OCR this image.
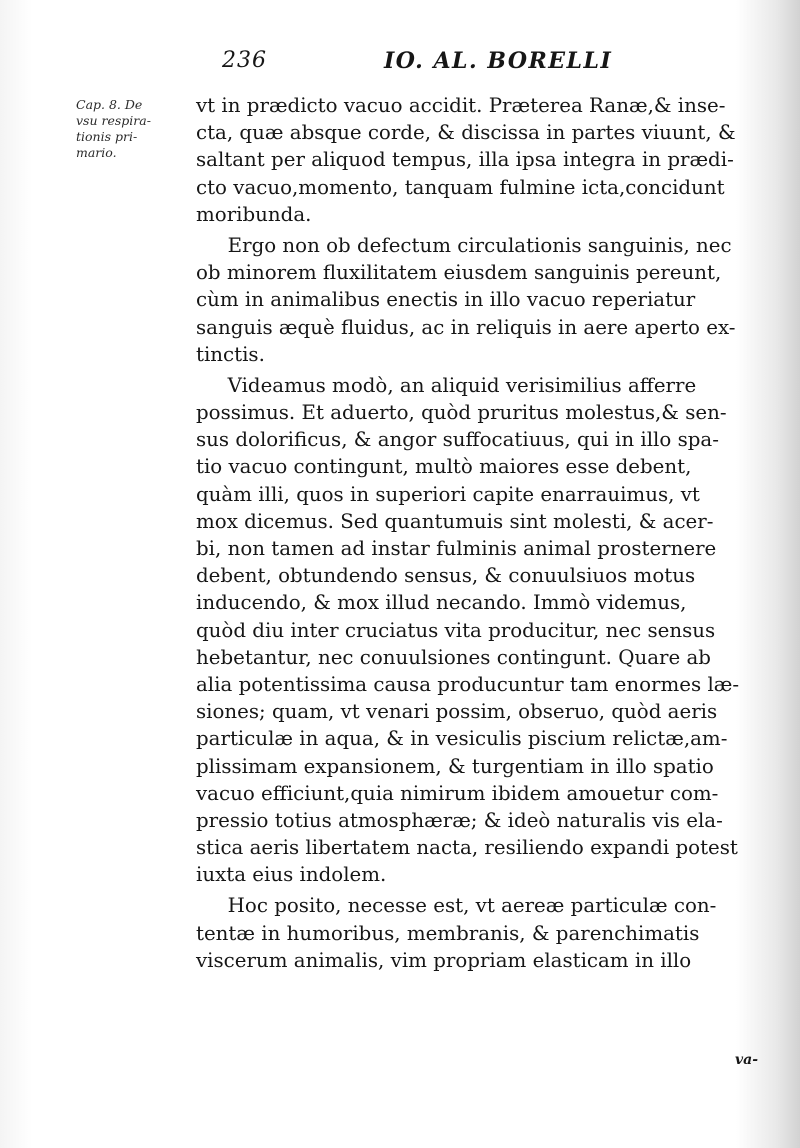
236	IO. AL. BORELLI
Cap. 8. De
vsu respira-
tionis pri-
mario.
vt in prædicto vacuo accidit. Præterea Ranæ,& inse-
cta, quæ absque corde, & discissa in partes viuunt, &
saltant per aliquod tempus, illa ipsa integra in prædi-
cto vacuo,momento, tanquam fulmine icta,concidunt
moribunda.
Ergo non ob defectum circulationis sanguinis, nec
ob minorem fluxilitatem eiusdem sanguinis pereunt,
cùm in animalibus enectis in illo vacuo reperiatur
sanguis æquè fluidus, ac in reliquis in aere aperto ex-
tinctis.
Videamus modò, an aliquid verisimilius afferre
possimus. Et aduerto, quòd pruritus molestus,& sen-
sus dolorificus, & angor suffocatiuus, qui in illo spa-
tio vacuo contingunt, multò maiores esse debent,
quàm illi, quos in superiori capite enarrauimus, vt
mox dicemus. Sed quantumuis sint molesti, & acer-
bi, non tamen ad instar fulminis animal prosternere
debent, obtundendo sensus, & conuulsiuos motus
inducendo, & mox illud necando. Immò videmus,
quòd diu inter cruciatus vita producitur, nec sensus
hebetantur, nec conuulsiones contingunt. Quare ab
alia potentissima causa producuntur tam enormes læ-
siones; quam, vt venari possim, obseruo, quòd aeris
particulæ in aqua, & in vesiculis piscium relictæ,am-
plissimam expansionem, & turgentiam in illo spatio
vacuo efficiunt,quia nimirum ibidem amouetur com-
pressio totius atmosphæræ; & ideò naturalis vis ela-
stica aeris libertatem nacta, resiliendo expandi potest
iuxta eius indolem.
Hoc posito, necesse est, vt aereæ particulæ con-
tentæ in humoribus, membranis, & parenchimatis
viscerum animalis, vim propriam elasticam in illo
va-
